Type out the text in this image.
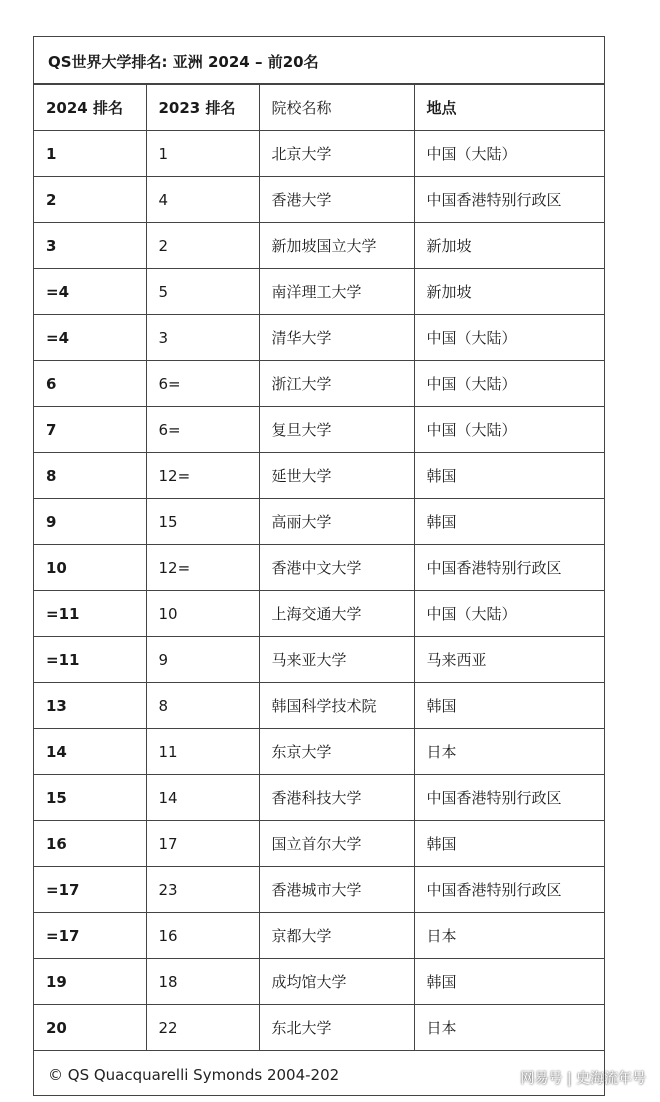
QS世界大学排名: 亚洲 2024 – 前20名
2024 排名	2023 排名	院校名称	地点
1	1	北京大学	中国（大陆）
2	4	香港大学	中国香港特别行政区
3	2	新加坡国立大学	新加坡
=4	5	南洋理工大学	新加坡
=4	3	清华大学	中国（大陆）
6	6=	浙江大学	中国（大陆）
7	6=	复旦大学	中国（大陆）
8	12=	延世大学	韩国
9	15	高丽大学	韩国
10	12=	香港中文大学	中国香港特别行政区
=11	10	上海交通大学	中国（大陆）
=11	9	马来亚大学	马来西亚
13	8	韩国科学技术院	韩国
14	11	东京大学	日本
15	14	香港科技大学	中国香港特别行政区
16	17	国立首尔大学	韩国
=17	23	香港城市大学	中国香港特别行政区
=17	16	京都大学	日本
19	18	成均馆大学	韩国
20	22	东北大学	日本
© QS Quacquarelli Symonds 2004-202	网易号 | 史海流年号
